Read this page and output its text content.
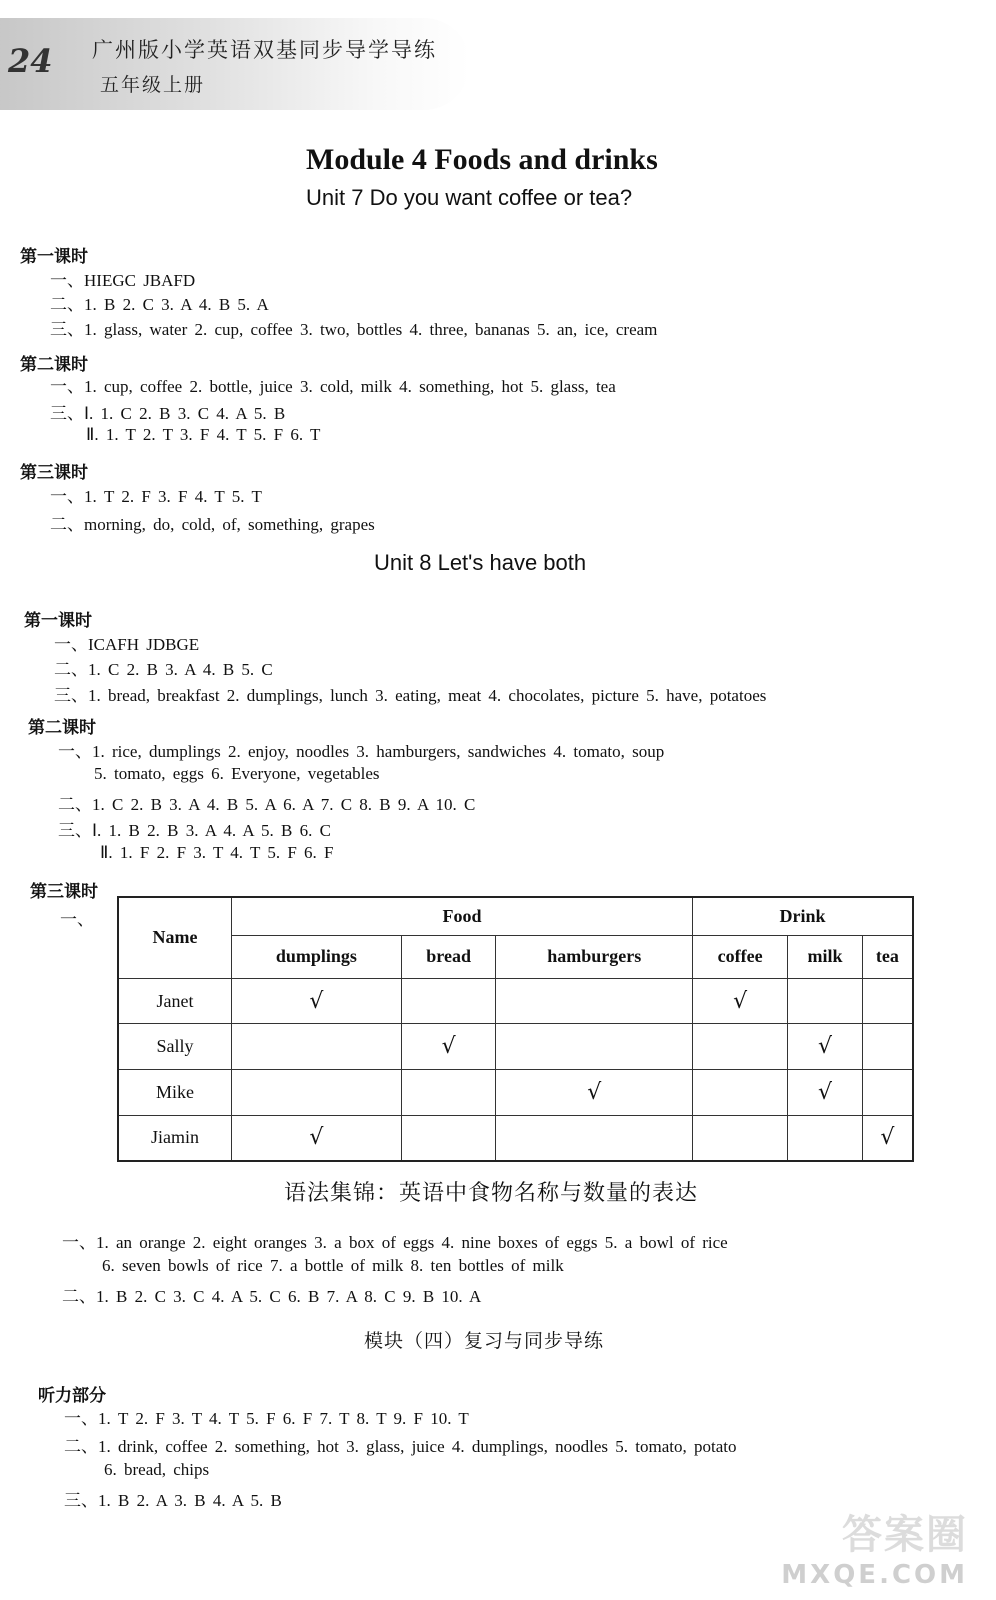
24 广州版小学英语双基同步导学导练
五年级上册
Module 4 Foods and drinks
Unit 7 Do you want coffee or tea?
第一课时
一、HIEGC JBAFD
二、1. B 2. C 3. A 4. B 5. A
三、1. glass, water 2. cup, coffee 3. two, bottles 4. three, bananas 5. an, ice, cream
第二课时
一、1. cup, coffee 2. bottle, juice 3. cold, milk 4. something, hot 5. glass, tea
三、Ⅰ. 1. C 2. B 3. C 4. A 5. B
Ⅱ. 1. T 2. T 3. F 4. T 5. F 6. T
第三课时
一、1. T 2. F 3. F 4. T 5. T
二、morning, do, cold, of, something, grapes
Unit 8 Let's have both
第一课时
一、ICAFH JDBGE
二、1. C 2. B 3. A 4. B 5. C
三、1. bread, breakfast 2. dumplings, lunch 3. eating, meat 4. chocolates, picture 5. have, potatoes
第二课时
一、1. rice, dumplings 2. enjoy, noodles 3. hamburgers, sandwiches 4. tomato, soup
5. tomato, eggs 6. Everyone, vegetables
二、1. C 2. B 3. A 4. B 5. A 6. A 7. C 8. B 9. A 10. C
三、Ⅰ. 1. B 2. B 3. A 4. A 5. B 6. C
Ⅱ. 1. F 2. F 3. T 4. T 5. F 6. F
第三课时
一、
Name	Food			Drink		
	dumplings	bread	hamburgers	coffee	milk	tea
Janet	√			√		
Sally		√			√	
Mike			√		√	
Jiamin	√					√
语法集锦：英语中食物名称与数量的表达
一、1. an orange 2. eight oranges 3. a box of eggs 4. nine boxes of eggs 5. a bowl of rice
6. seven bowls of rice 7. a bottle of milk 8. ten bottles of milk
二、1. B 2. C 3. C 4. A 5. C 6. B 7. A 8. C 9. B 10. A
模块（四）复习与同步导练
听力部分
一、1. T 2. F 3. T 4. T 5. F 6. F 7. T 8. T 9. F 10. T
二、1. drink, coffee 2. something, hot 3. glass, juice 4. dumplings, noodles 5. tomato, potato
6. bread, chips
三、1. B 2. A 3. B 4. A 5. B
答案圈
MXQE.COM
